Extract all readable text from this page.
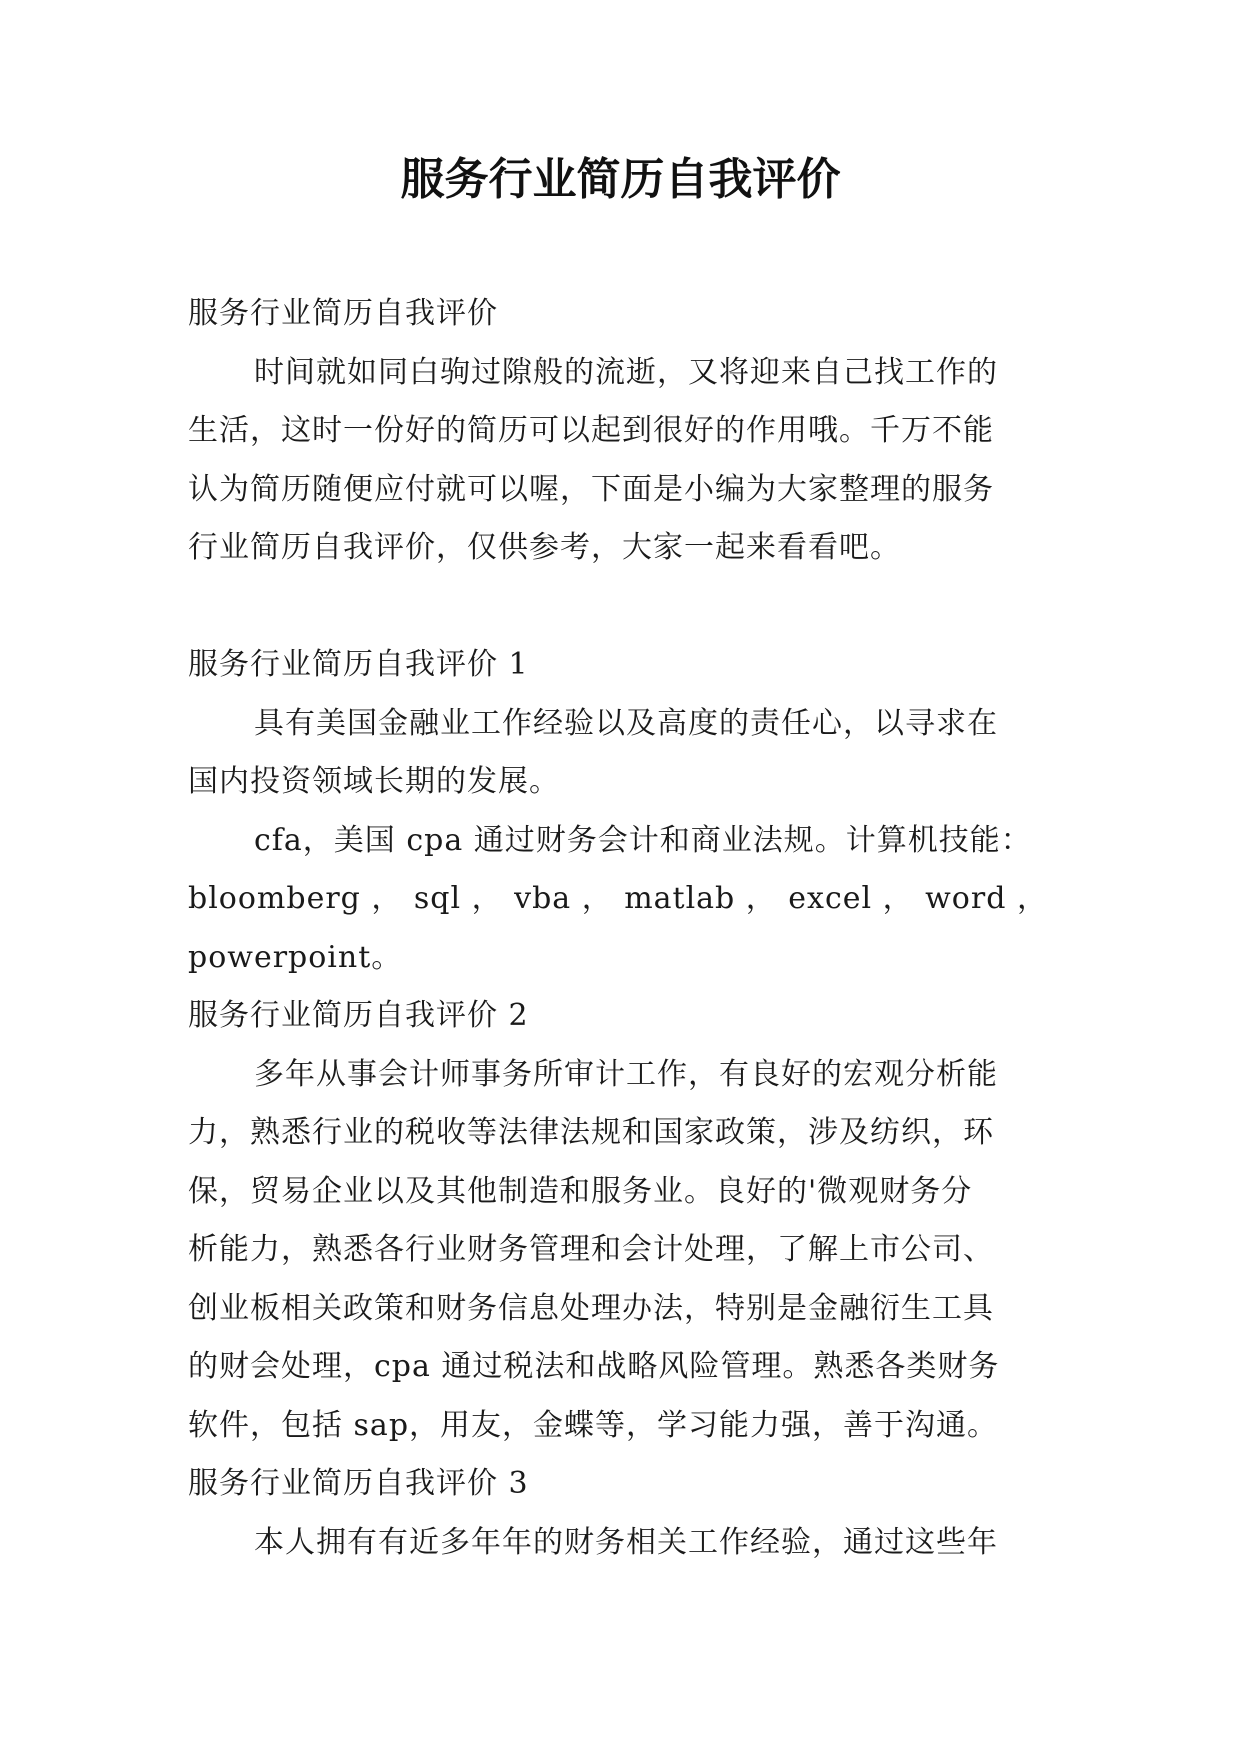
服务行业简历自我评价

服务行业简历自我评价

时间就如同白驹过隙般的流逝，又将迎来自己找工作的

生活，这时一份好的简历可以起到很好的作用哦。千万不能

认为简历随便应付就可以喔，下面是小编为大家整理的服务

行业简历自我评价，仅供参考，大家一起来看看吧。

服务行业简历自我评价 1

具有美国金融业工作经验以及高度的责任心，以寻求在

国内投资领域长期的发展。

cfa，美国 cpa 通过财务会计和商业法规。计算机技能：

bloomberg ， sql ， vba ， matlab ， excel ， word ，

powerpoint。

服务行业简历自我评价 2

多年从事会计师事务所审计工作，有良好的宏观分析能

力，熟悉行业的税收等法律法规和国家政策，涉及纺织，环

保，贸易企业以及其他制造和服务业。良好的'微观财务分

析能力，熟悉各行业财务管理和会计处理，了解上市公司、

创业板相关政策和财务信息处理办法，特别是金融衍生工具

的财会处理，cpa 通过税法和战略风险管理。熟悉各类财务

软件，包括 sap，用友，金蝶等，学习能力强，善于沟通。

服务行业简历自我评价 3

本人拥有有近多年年的财务相关工作经验，通过这些年
